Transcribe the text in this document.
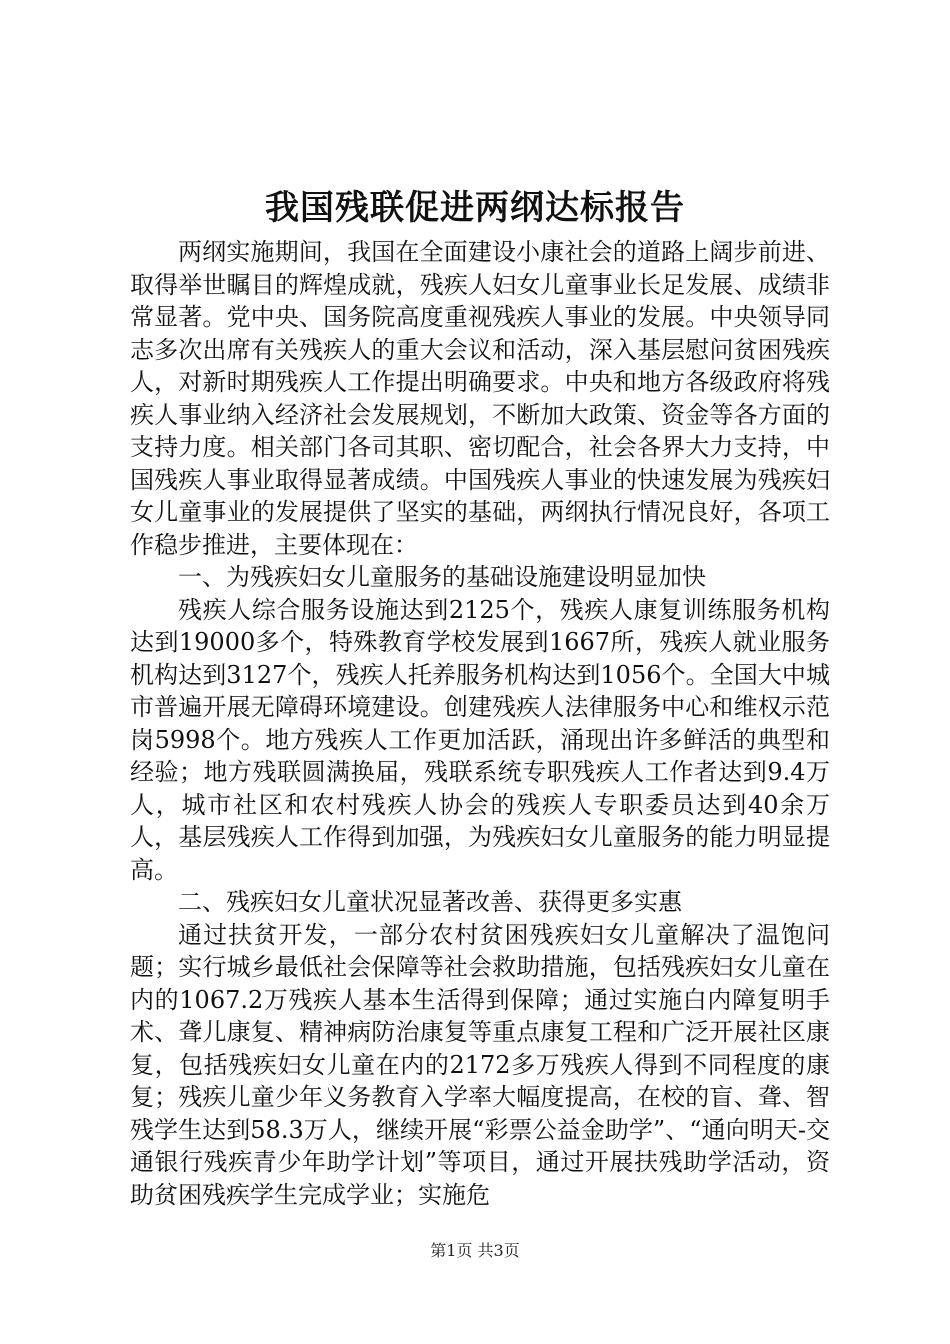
我国残联促进两纲达标报告

两纲实施期间，我国在全面建设小康社会的道路上阔步前进、取得举世瞩目的辉煌成就，残疾人妇女儿童事业长足发展、成绩非常显著。党中央、国务院高度重视残疾人事业的发展。中央领导同志多次出席有关残疾人的重大会议和活动，深入基层慰问贫困残疾人，对新时期残疾人工作提出明确要求。中央和地方各级政府将残疾人事业纳入经济社会发展规划，不断加大政策、资金等各方面的支持力度。相关部门各司其职、密切配合，社会各界大力支持，中国残疾人事业取得显著成绩。中国残疾人事业的快速发展为残疾妇女儿童事业的发展提供了坚实的基础，两纲执行情况良好，各项工作稳步推进，主要体现在：

一、为残疾妇女儿童服务的基础设施建设明显加快

残疾人综合服务设施达到2125个，残疾人康复训练服务机构达到19000多个，特殊教育学校发展到1667所，残疾人就业服务机构达到3127个，残疾人托养服务机构达到1056个。全国大中城市普遍开展无障碍环境建设。创建残疾人法律服务中心和维权示范岗5998个。地方残疾人工作更加活跃，涌现出许多鲜活的典型和经验；地方残联圆满换届，残联系统专职残疾人工作者达到9.4万人，城市社区和农村残疾人协会的残疾人专职委员达到40余万人，基层残疾人工作得到加强，为残疾妇女儿童服务的能力明显提高。

二、残疾妇女儿童状况显著改善、获得更多实惠

通过扶贫开发，一部分农村贫困残疾妇女儿童解决了温饱问题；实行城乡最低社会保障等社会救助措施，包括残疾妇女儿童在内的1067.2万残疾人基本生活得到保障；通过实施白内障复明手术、聋儿康复、精神病防治康复等重点康复工程和广泛开展社区康复，包括残疾妇女儿童在内的2172多万残疾人得到不同程度的康复；残疾儿童少年义务教育入学率大幅度提高，在校的盲、聋、智残学生达到58.3万人，继续开展“彩票公益金助学”、“通向明天-交通银行残疾青少年助学计划”等项目，通过开展扶残助学活动，资助贫困残疾学生完成学业；实施危

第1页 共3页
